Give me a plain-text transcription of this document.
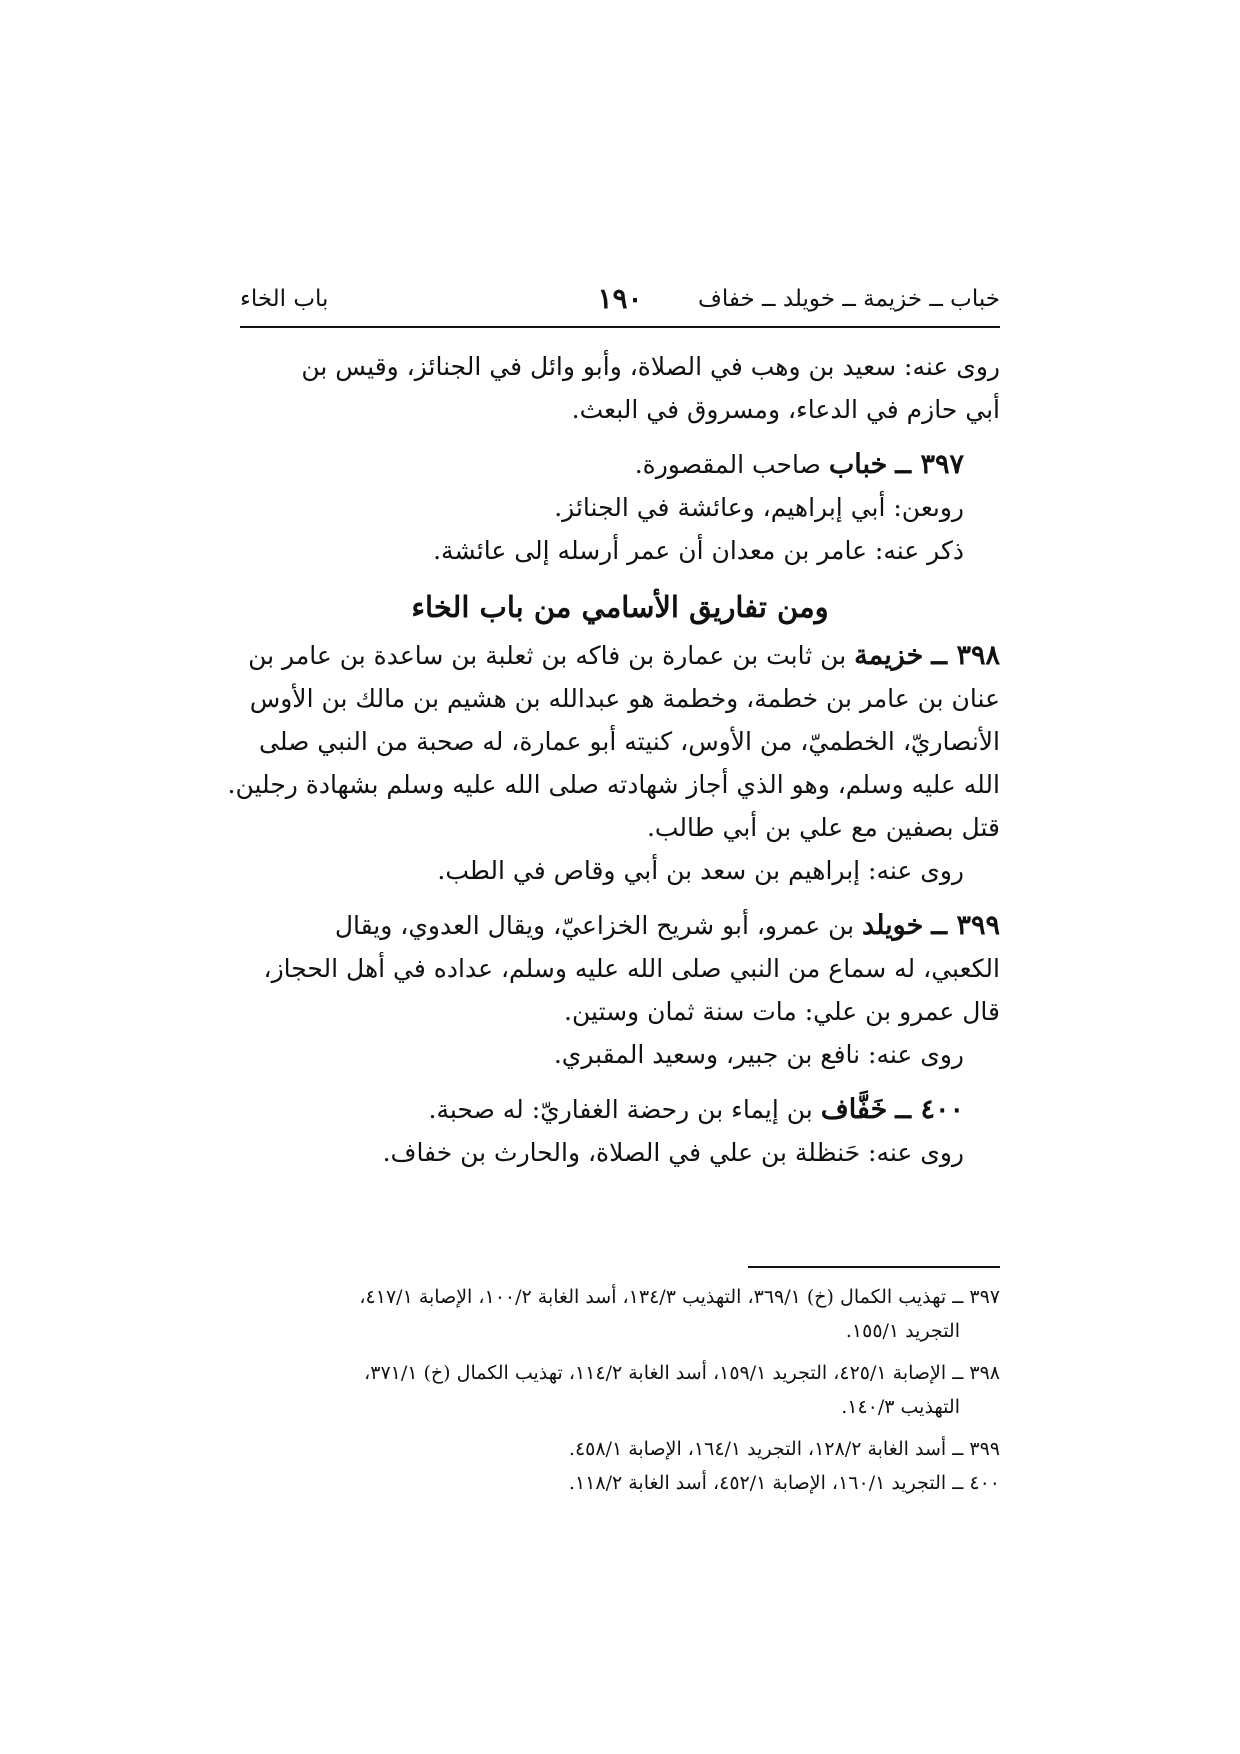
خباب ــ خزيمة ــ خويلد ــ خفاف
١٩٠
باب الخاء
روى عنه: سعيد بن وهب في الصلاة، وأبو وائل في الجنائز، وقيس بن
أبي حازم في الدعاء، ومسروق في البعث.
٣٩٧ ــ خباب صاحب المقصورة.
روىعن: أبي إبراهيم، وعائشة في الجنائز.
ذكر عنه: عامر بن معدان أن عمر أرسله إلى عائشة.
ومن تفاريق الأسامي من باب الخاء
٣٩٨ ــ خزيمة بن ثابت بن عمارة بن فاكه بن ثعلبة بن ساعدة بن عامر بن
عنان بن عامر بن خطمة، وخطمة هو عبدالله بن هشيم بن مالك بن الأوس
الأنصاريّ، الخطميّ، من الأوس، كنيته أبو عمارة، له صحبة من النبي صلى
الله عليه وسلم، وهو الذي أجاز شهادته صلى الله عليه وسلم بشهادة رجلين.
قتل بصفين مع علي بن أبي طالب.
روى عنه: إبراهيم بن سعد بن أبي وقاص في الطب.
٣٩٩ ــ خويلد بن عمرو، أبو شريح الخزاعيّ، ويقال العدوي، ويقال
الكعبي، له سماع من النبي صلى الله عليه وسلم، عداده في أهل الحجاز،
قال عمرو بن علي: مات سنة ثمان وستين.
روى عنه: نافع بن جبير، وسعيد المقبري.
٤٠٠ ــ خَفَّاف بن إيماء بن رحضة الغفاريّ: له صحبة.
روى عنه: حَنظلة بن علي في الصلاة، والحارث بن خفاف.
٣٩٧ ــ تهذيب الكمال (خ) ٣٦٩/١، التهذيب ١٣٤/٣، أسد الغابة ١٠٠/٢، الإصابة ٤١٧/١،
التجريد ١٥٥/١.
٣٩٨ ــ الإصابة ٤٢٥/١، التجريد ١٥٩/١، أسد الغابة ١١٤/٢، تهذيب الكمال (خ) ٣٧١/١،
التهذيب ١٤٠/٣.
٣٩٩ ــ أسد الغابة ١٢٨/٢، التجريد ١٦٤/١، الإصابة ٤٥٨/١.
٤٠٠ ــ التجريد ١٦٠/١، الإصابة ٤٥٢/١، أسد الغابة ١١٨/٢.
